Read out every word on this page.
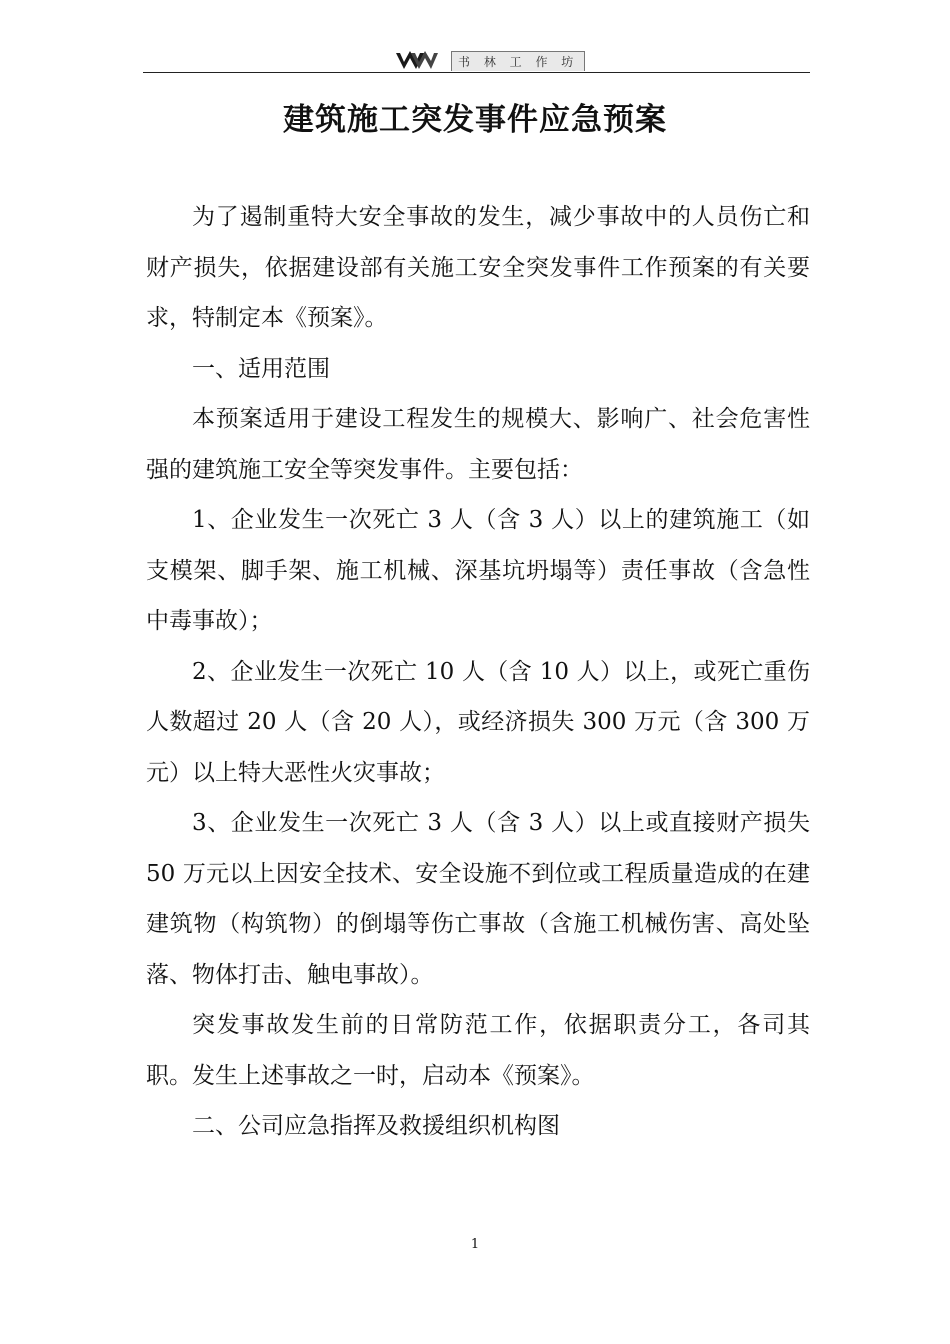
书 林 工 作 坊
建筑施工突发事件应急预案

为了遏制重特大安全事故的发生，减少事故中的人员伤亡和财产损失，依据建设部有关施工安全突发事件工作预案的有关要求，特制定本《预案》。

一、适用范围

本预案适用于建设工程发生的规模大、影响广、社会危害性强的建筑施工安全等突发事件。主要包括：

1、企业发生一次死亡 3 人（含 3 人）以上的建筑施工（如支模架、脚手架、施工机械、深基坑坍塌等）责任事故（含急性中毒事故）；

2、企业发生一次死亡 10 人（含 10 人）以上，或死亡重伤人数超过 20 人（含 20 人），或经济损失 300 万元（含 300 万元）以上特大恶性火灾事故；

3、企业发生一次死亡 3 人（含 3 人）以上或直接财产损失 50 万元以上因安全技术、安全设施不到位或工程质量造成的在建建筑物（构筑物）的倒塌等伤亡事故（含施工机械伤害、高处坠落、物体打击、触电事故）。

突发事故发生前的日常防范工作，依据职责分工，各司其职。发生上述事故之一时，启动本《预案》。

二、公司应急指挥及救援组织机构图

1
